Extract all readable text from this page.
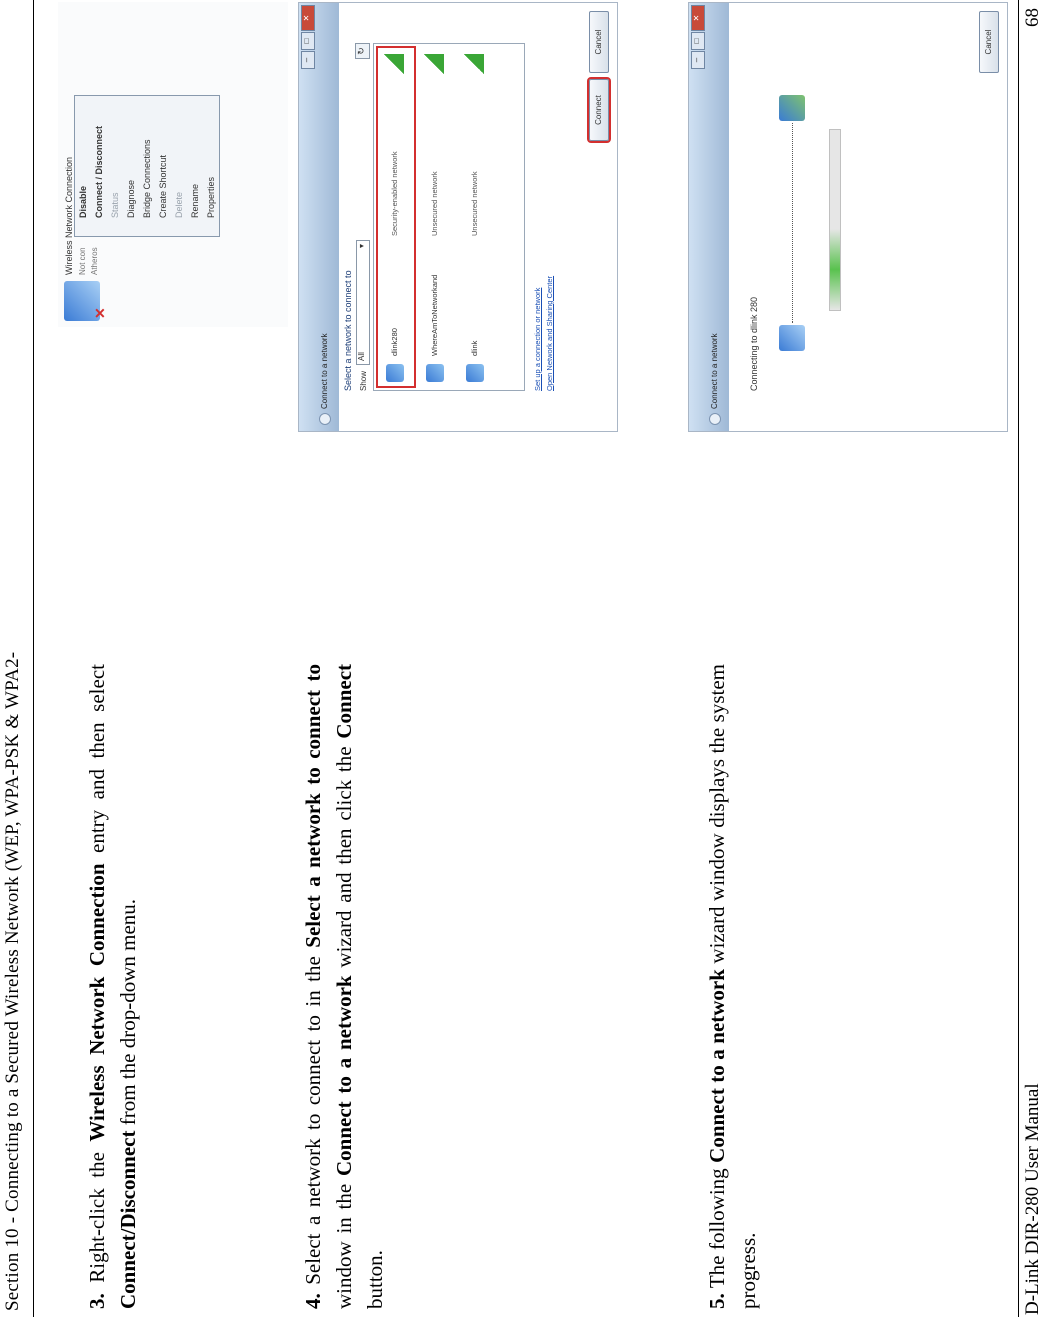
Section 10 - Connecting to a Secured Wireless Network (WEP, WPA-PSK & WPA2-	3. Right-click the Wireless Network Connection entry and then select Connect/Disconnect from the drop-down menu.
4. Select a network to connect to in the Select a network to connect to window in the Connect to a network wizard and then click the Connect button.	5. The following Connect to a network wizard window displays the system progress.
✕
Wireless Network Connection Not con Atheros
Disable Connect / Disconnect Status Diagnose Bridge Connections Create Shortcut Delete Rename Properties
–
□
✕
Connect to a network Select a network to connect to Show
All
▾
↻
dlink280
Security-enabled network
WhereAmToNetworkand
Unsecured network
dlink
Unsecured network
Set up a connection or network Open Network and Sharing Center
Connect
Cancel
–
□
✕
Connect to a network	Connecting to dlink 280
Cancel
D-Link DIR-280 User Manual
68
